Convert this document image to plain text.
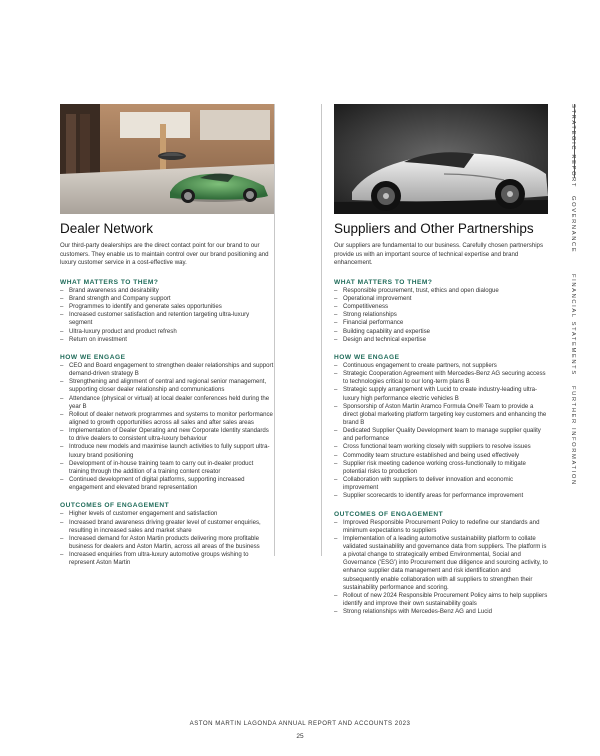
Dealer Network

Our third-party dealerships are the direct contact point for our brand to our customers. They enable us to maintain control over our brand positioning and luxury customer service in a cost-effective way.

WHAT MATTERS TO THEM?
– Brand awareness and desirability
– Brand strength and Company support
– Programmes to identify and generate sales opportunities
– Increased customer satisfaction and retention targeting ultra-luxury segment
– Ultra-luxury product and product refresh
– Return on investment
HOW WE ENGAGE
– CEO and Board engagement to strengthen dealer relationships and support demand-driven strategy B
– Strengthening and alignment of central and regional senior management, supporting closer dealer relationship and communications
– Attendance (physical or virtual) at local dealer conferences held during the year B
– Rollout of dealer network programmes and systems to monitor performance aligned to growth opportunities across all sales and after sales areas
– Implementation of Dealer Operating and new Corporate Identity standards to drive dealers to consistent ultra-luxury behaviour
– Introduce new models and maximise launch activities to fully support ultra-luxury brand positioning
– Development of in-house training team to carry out in-dealer product training through the addition of a training content creator
– Continued development of digital platforms, supporting increased engagement and elevated brand representation
OUTCOMES OF ENGAGEMENT
– Higher levels of customer engagement and satisfaction
– Increased brand awareness driving greater level of customer enquiries, resulting in increased sales and market share
– Increased demand for Aston Martin products delivering more profitable business for dealers and Aston Martin, across all areas of the business
– Increased enquiries from ultra-luxury automotive groups wishing to represent Aston Martin
Suppliers and Other Partnerships

Our suppliers are fundamental to our business. Carefully chosen partnerships provide us with an important source of technical expertise and brand enhancement.

WHAT MATTERS TO THEM?
– Responsible procurement, trust, ethics and open dialogue
– Operational improvement
– Competitiveness
– Strong relationships
– Financial performance
– Building capability and expertise
– Design and technical expertise
HOW WE ENGAGE
– Continuous engagement to create partners, not suppliers
– Strategic Cooperation Agreement with Mercedes-Benz AG securing access to technologies critical to our long-term plans B
– Strategic supply arrangement with Lucid to create industry-leading ultra-luxury high performance electric vehicles B
– Sponsorship of Aston Martin Aramco Formula One® Team to provide a direct global marketing platform targeting key customers and enhancing the brand B
– Dedicated Supplier Quality Development team to manage supplier quality and performance
– Cross functional team working closely with suppliers to resolve issues
– Commodity team structure established and being used effectively
– Supplier risk meeting cadence working cross-functionally to mitigate potential risks to production
– Collaboration with suppliers to deliver innovation and economic improvement
– Supplier scorecards to identify areas for performance improvement
OUTCOMES OF ENGAGEMENT
– Improved Responsible Procurement Policy to redefine our standards and minimum expectations to suppliers
– Implementation of a leading automotive sustainability platform to collate validated sustainability and governance data from suppliers. The platform is a pivotal change to strategically embed Environmental, Social and Governance ('ESG') into Procurement due diligence and sourcing activity, to enhance supplier data management and risk identification and subsequently enable collaboration with all suppliers to strengthen their sustainability performance and scoring.
– Rollout of new 2024 Responsible Procurement Policy aims to help suppliers identify and improve their own sustainability goals
– Strong relationships with Mercedes-Benz AG and Lucid
STRATEGIC REPORT
GOVERNANCE
FINANCIAL STATEMENTS
FURTHER INFORMATION
ASTON MARTIN LAGONDA ANNUAL REPORT AND ACCOUNTS 2023
25
